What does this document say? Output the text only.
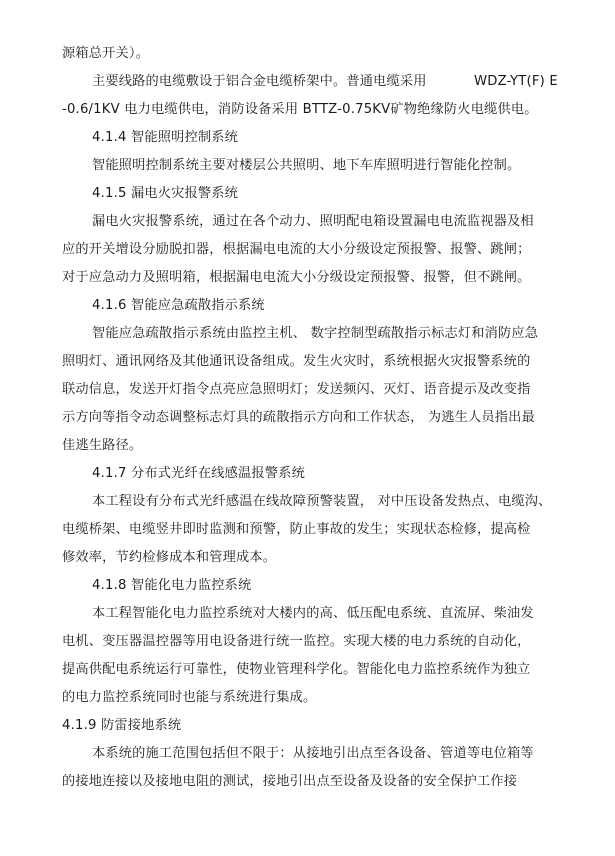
源箱总开关）。
主要线路的电缆敷设于铝合金电缆桥架中。普通电缆采用	WDZ-YT(F) E
-0.6/1KV 电力电缆供电，消防设备采用 BTTZ-0.75KV矿物绝缘防火电缆供电。
4.1.4 智能照明控制系统
智能照明控制系统主要对楼层公共照明、地下车库照明进行智能化控制。
4.1.5 漏电火灾报警系统
漏电火灾报警系统，通过在各个动力、照明配电箱设置漏电电流监视器及相
应的开关增设分励脱扣器，根据漏电电流的大小分级设定预报警、报警、跳闸；
对于应急动力及照明箱，根据漏电电流大小分级设定预报警、报警，但不跳闸。
4.1.6 智能应急疏散指示系统
智能应急疏散指示系统由监控主机、 数字控制型疏散指示标志灯和消防应急
照明灯、通讯网络及其他通讯设备组成。发生火灾时，系统根据火灾报警系统的
联动信息，发送开灯指令点亮应急照明灯；发送频闪、灭灯、语音提示及改变指
示方向等指令动态调整标志灯具的疏散指示方向和工作状态， 为逃生人员指出最
佳逃生路径。
4.1.7 分布式光纤在线感温报警系统
本工程设有分布式光纤感温在线故障预警装置， 对中压设备发热点、电缆沟、
电缆桥架、电缆竖井即时监测和预警，防止事故的发生；实现状态检修，提高检
修效率，节约检修成本和管理成本。
4.1.8 智能化电力监控系统
本工程智能化电力监控系统对大楼内的高、低压配电系统、直流屏、柴油发
电机、变压器温控器等用电设备进行统一监控。实现大楼的电力系统的自动化，
提高供配电系统运行可靠性，使物业管理科学化。智能化电力监控系统作为独立
的电力监控系统同时也能与系统进行集成。
4.1.9 防雷接地系统
本系统的施工范围包括但不限于：从接地引出点至各设备、管道等电位箱等
的接地连接以及接地电阻的测试，接地引出点至设备及设备的安全保护工作接
